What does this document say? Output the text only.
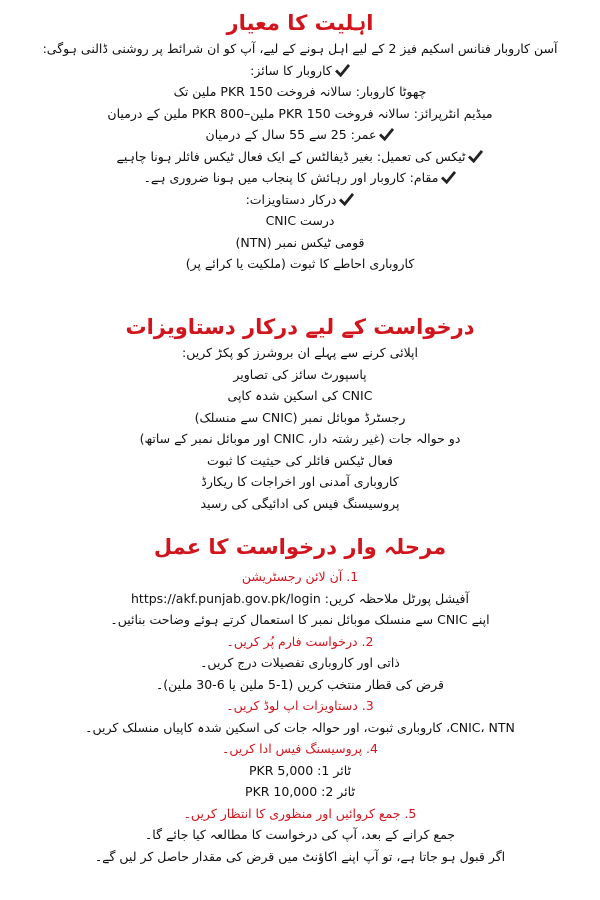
اہلیت کا معیار

آسن کاروبار فنانس اسکیم فیز 2 کے لیے اہل ہونے کے لیے، آپ کو ان شرائط پر روشنی ڈالنی ہوگی:

کاروبار کا سائز:

چھوٹا کاروبار: سالانہ فروخت PKR 150 ملین تک

میڈیم انٹرپرائز: سالانہ فروخت PKR 150 ملین–PKR 800 ملین کے درمیان

عمر: 25 سے 55 سال کے درمیان

ٹیکس کی تعمیل: بغیر ڈیفالٹس کے ایک فعال ٹیکس فائلر ہونا چاہیے

مقام: کاروبار اور رہائش کا پنجاب میں ہونا ضروری ہے۔

درکار دستاویزات:

درست CNIC

قومی ٹیکس نمبر (NTN)

کاروباری احاطے کا ثبوت (ملکیت یا کرائے پر)

درخواست کے لیے درکار دستاویزات

اپلائی کرنے سے پہلے ان بروشرز کو پکڑ کریں:

پاسپورٹ سائز کی تصاویر

CNIC کی اسکین شدہ کاپی

رجسٹرڈ موبائل نمبر (CNIC سے منسلک)

دو حوالہ جات (غیر رشتہ دار، CNIC اور موبائل نمبر کے ساتھ)

فعال ٹیکس فائلر کی حیثیت کا ثبوت

کاروباری آمدنی اور اخراجات کا ریکارڈ

پروسیسنگ فیس کی ادائیگی کی رسید

مرحلہ وار درخواست کا عمل

1. آن لائن رجسٹریشن

آفیشل پورٹل ملاحظہ کریں: https://akf.punjab.gov.pk/login

اپنے CNIC سے منسلک موبائل نمبر کا استعمال کرتے ہوئے وضاحت بنائیں۔

2. درخواست فارم پُر کریں۔

ذاتی اور کاروباری تفصیلات درج کریں۔

قرض کی قطار منتخب کریں (1-5 ملین یا 6-30 ملین)۔

3. دستاویزات اپ لوڈ کریں۔

CNIC، NTN، کاروباری ثبوت، اور حوالہ جات کی اسکین شدہ کاپیاں منسلک کریں۔

4. پروسیسنگ فیس ادا کریں۔

ٹائر 1: PKR 5,000

ٹائر 2: PKR 10,000

5. جمع کروائیں اور منظوری کا انتظار کریں۔

جمع کرانے کے بعد، آپ کی درخواست کا مطالعہ کیا جائے گا۔

اگر قبول ہو جاتا ہے، تو آپ اپنے اکاؤنٹ میں قرض کی مقدار حاصل کر لیں گے۔
